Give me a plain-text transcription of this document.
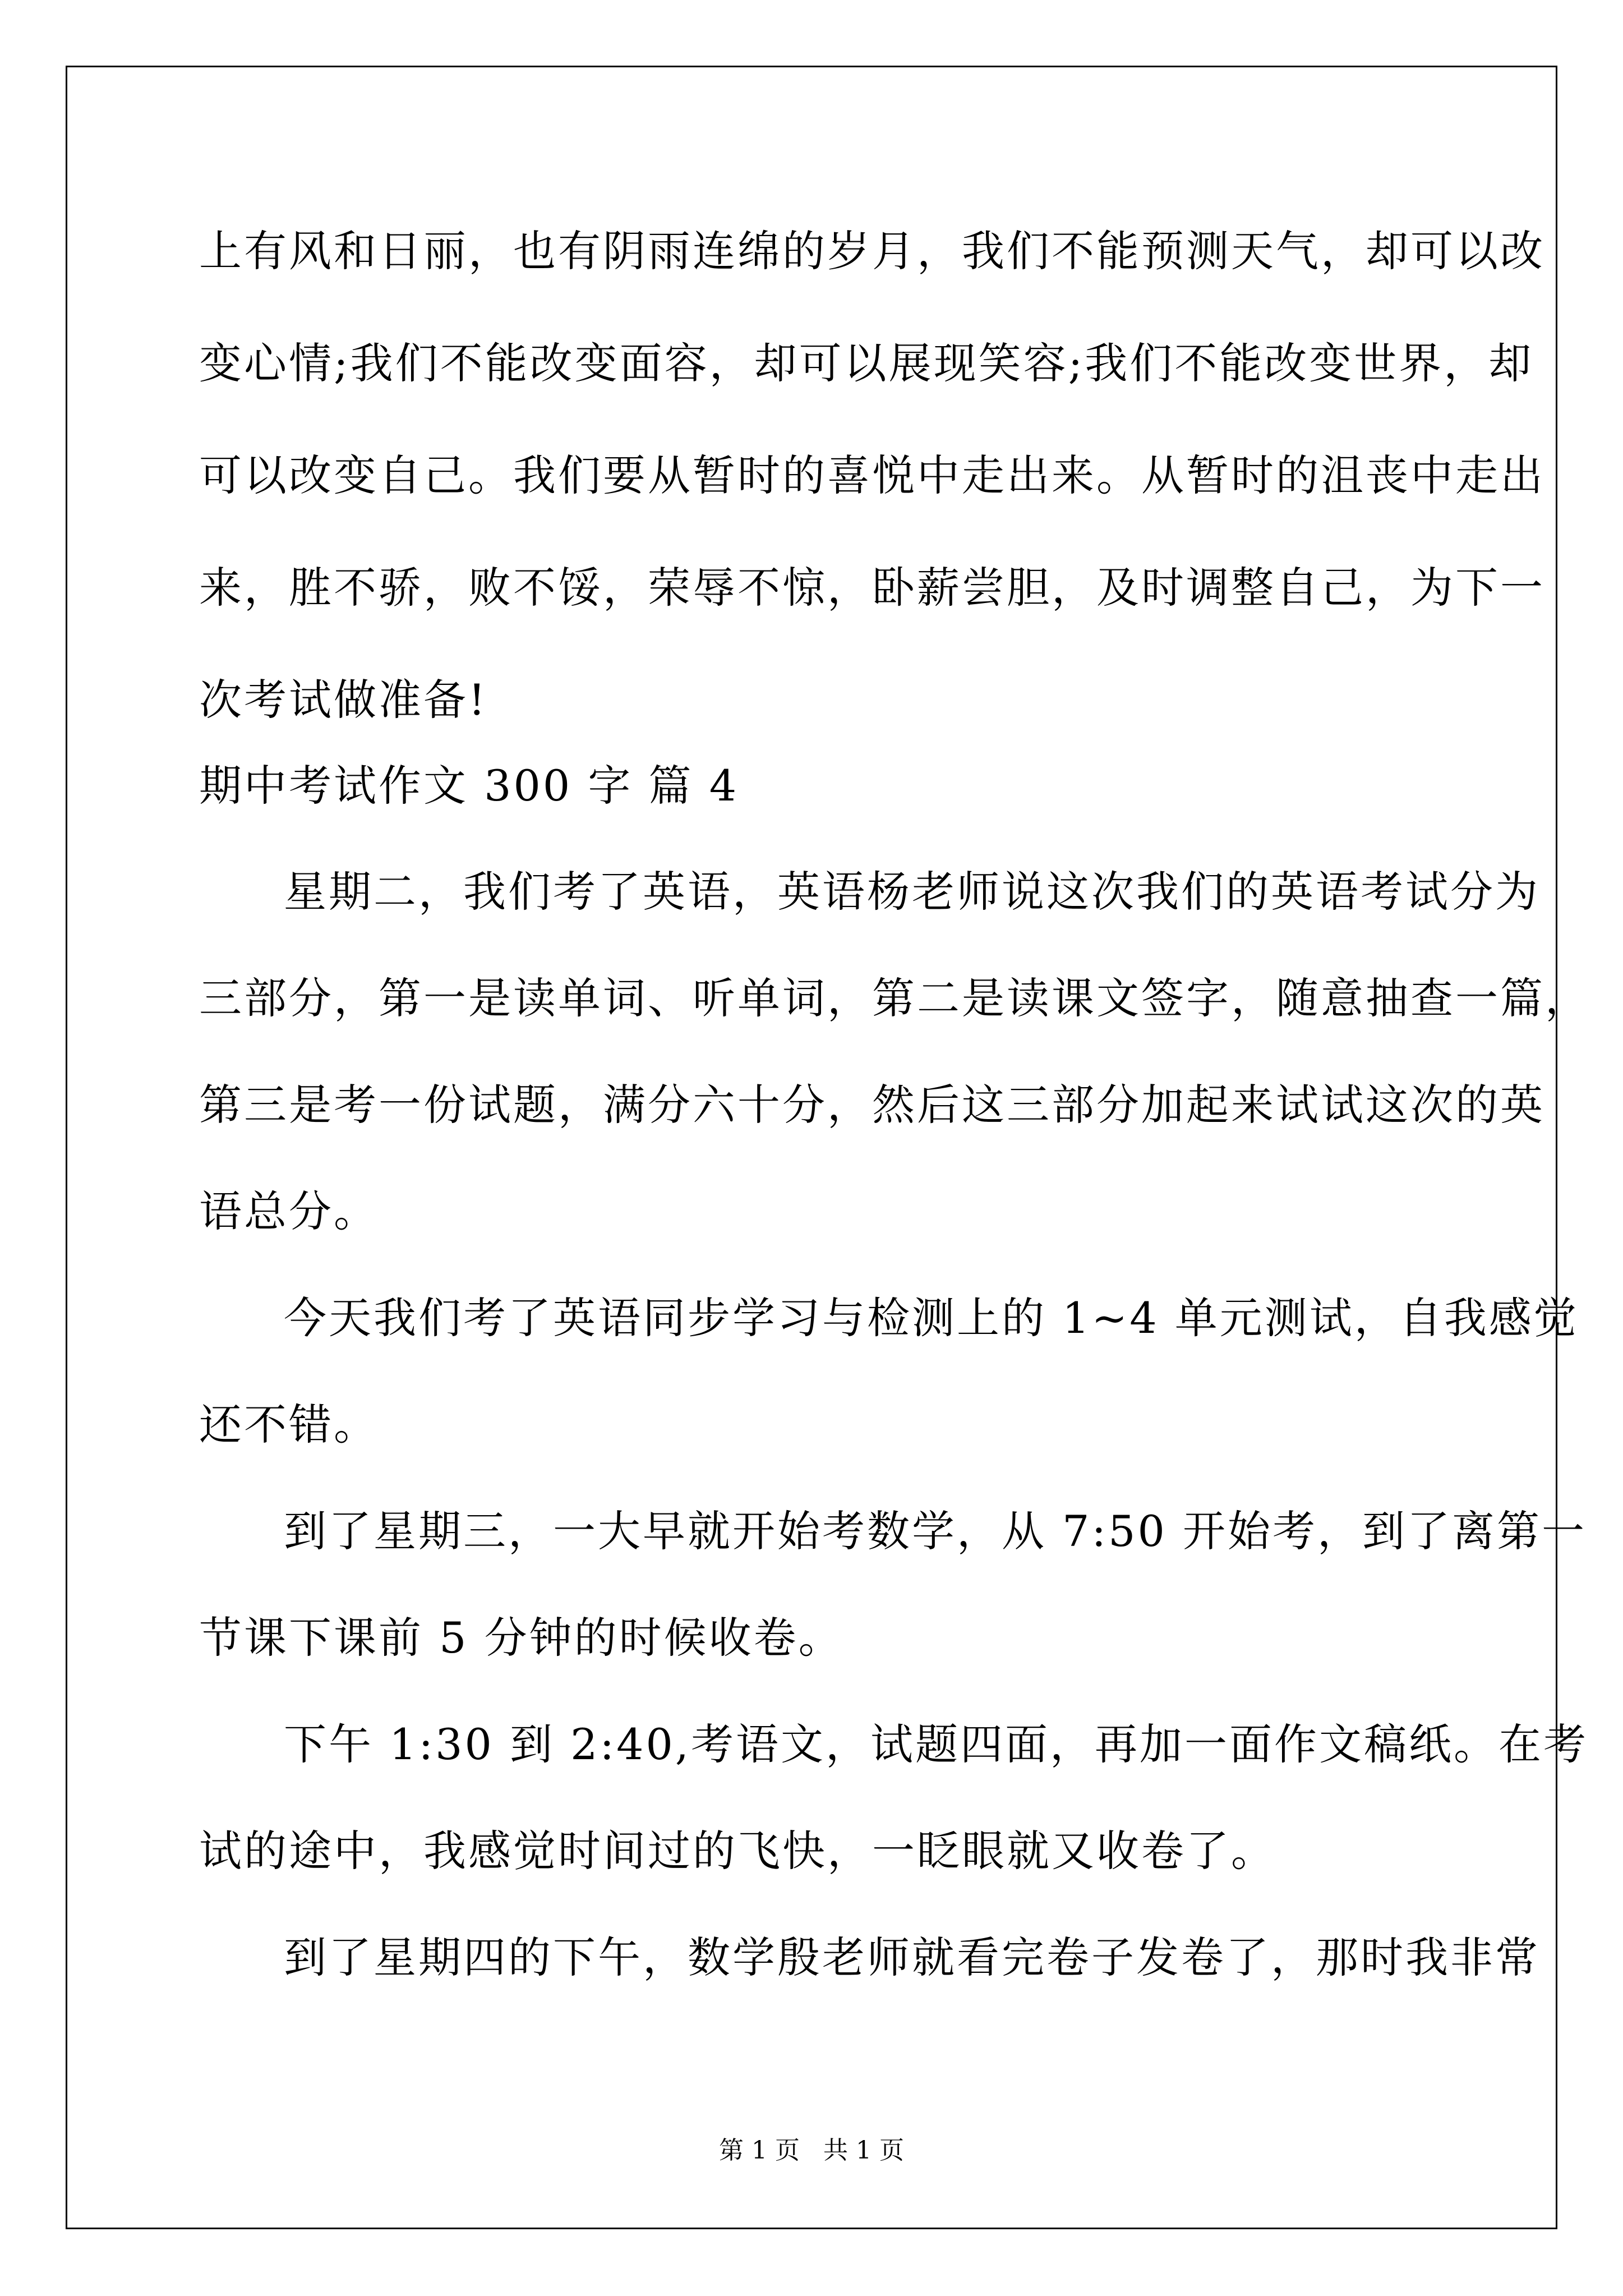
上有风和日丽，也有阴雨连绵的岁月，我们不能预测天气，却可以改
变心情;我们不能改变面容，却可以展现笑容;我们不能改变世界，却
可以改变自己。我们要从暂时的喜悦中走出来。从暂时的沮丧中走出
来，胜不骄，败不馁，荣辱不惊，卧薪尝胆，及时调整自己，为下一
次考试做准备!
期中考试作文 300 字 篇 4
星期二，我们考了英语，英语杨老师说这次我们的英语考试分为
三部分，第一是读单词、听单词，第二是读课文签字，随意抽查一篇，
第三是考一份试题，满分六十分，然后这三部分加起来试试这次的英
语总分。
今天我们考了英语同步学习与检测上的 1~4 单元测试，自我感觉
还不错。
到了星期三，一大早就开始考数学，从 7:50 开始考，到了离第一
节课下课前 5 分钟的时候收卷。
下午 1:30 到 2:40,考语文，试题四面，再加一面作文稿纸。在考
试的途中，我感觉时间过的飞快，一眨眼就又收卷了。
到了星期四的下午，数学殷老师就看完卷子发卷了，那时我非常
第 1 页   共 1 页
